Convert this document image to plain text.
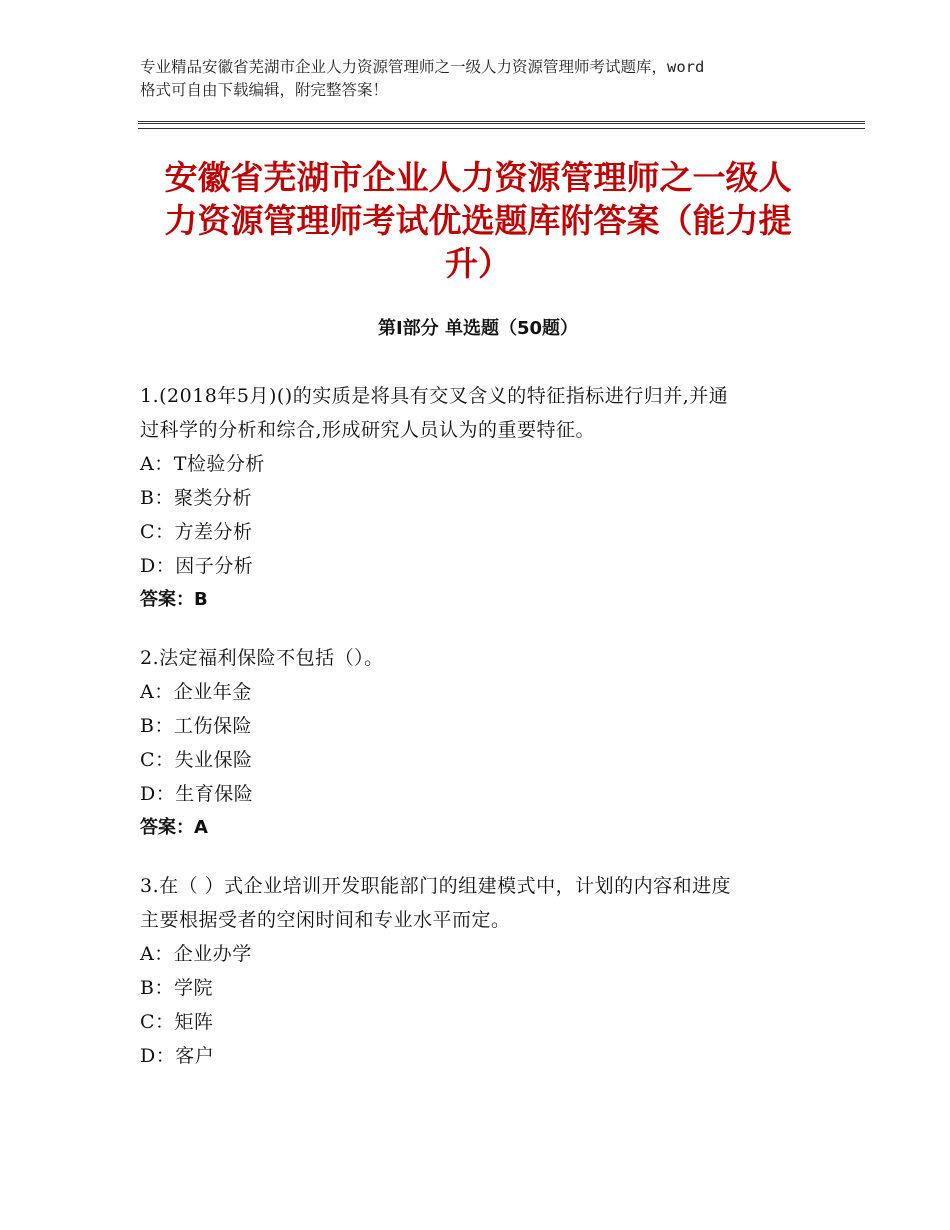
专业精品安徽省芜湖市企业人力资源管理师之一级人力资源管理师考试题库，word
格式可自由下载编辑，附完整答案！
安徽省芜湖市企业人力资源管理师之一级人
力资源管理师考试优选题库附答案（能力提
升）
第Ⅰ部分 单选题（50题）
1.(2018年5月)()的实质是将具有交叉含义的特征指标进行归并,并通
过科学的分析和综合,形成研究人员认为的重要特征。
A：T检验分析
B：聚类分析
C：方差分析
D：因子分析
答案：B
2.法定福利保险不包括（）。
A：企业年金
B：工伤保险
C：失业保险
D：生育保险
答案：A
3.在（ ）式企业培训开发职能部门的组建模式中，计划的内容和进度
主要根据受者的空闲时间和专业水平而定。
A：企业办学
B：学院
C：矩阵
D：客户
